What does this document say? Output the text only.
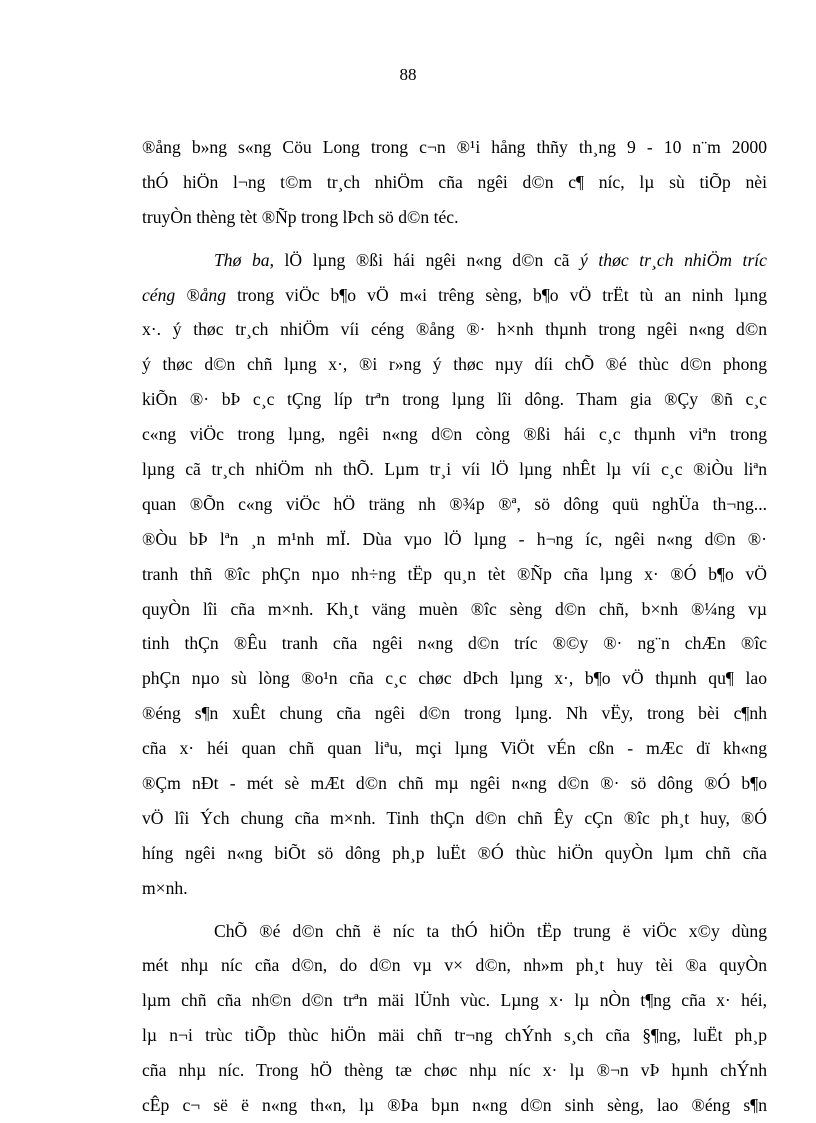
88
®ång b»ng s«ng Cöu Long trong c¬n ®¹i hång thñy th¸ng 9 - 10 n¨m 2000
thÓ hiÖn l¬ng t©m tr¸ch nhiÖm cña ngêi d©n c¶ níc, lµ sù tiÕp nèi
truyÒn thèng tèt ®Ñp trong lÞch sö d©n téc.
Thø ba, lÖ lµng ®ßi hái ngêi n«ng d©n cã ý thøc tr¸ch nhiÖm tríc
céng ®ång trong viÖc b¶o vÖ m«i trêng sèng, b¶o vÖ trËt tù an ninh lµng
x·. ý thøc tr¸ch nhiÖm víi céng ®ång ®· h×nh thµnh trong ngêi n«ng d©n
ý thøc d©n chñ lµng x·, ®i r»ng ý thøc nµy díi chÕ ®é thùc d©n phong
kiÕn ®· bÞ c¸c tÇng líp trªn trong lµng lîi dông. Tham gia ®Çy ®ñ c¸c
c«ng viÖc trong lµng, ngêi n«ng d©n còng ®ßi hái c¸c thµnh viªn trong
lµng cã tr¸ch nhiÖm nh thÕ. Lµm tr¸i víi lÖ lµng nhÊt lµ víi c¸c ®iÒu liªn
quan ®Õn c«ng viÖc hÖ träng nh ®¾p ®ª, sö dông quü nghÜa th¬ng...
®Òu bÞ lªn ¸n m¹nh mÏ. Dùa vµo lÖ lµng - h¬ng íc, ngêi n«ng d©n ®·
tranh thñ ®îc phÇn nµo nh÷ng tËp qu¸n tèt ®Ñp cña lµng x· ®Ó b¶o vÖ
quyÒn lîi cña m×nh. Kh¸t väng muèn ®îc sèng d©n chñ, b×nh ®¼ng vµ
tinh thÇn ®Êu tranh cña ngêi n«ng d©n tríc ®©y ®· ng¨n chÆn ®îc
phÇn nµo sù lòng ®o¹n cña c¸c chøc dÞch lµng x·, b¶o vÖ thµnh qu¶ lao
®éng s¶n xuÊt chung cña ngêi d©n trong lµng. Nh vËy, trong bèi c¶nh
cña x· héi quan chñ quan liªu, mçi lµng ViÖt vÉn cßn - mÆc dï kh«ng
®Çm nÐt - mét sè mÆt d©n chñ mµ ngêi n«ng d©n ®· sö dông ®Ó b¶o
vÖ lîi Ých chung cña m×nh. Tinh thÇn d©n chñ Êy cÇn ®îc ph¸t huy, ®Ó
híng ngêi n«ng biÕt sö dông ph¸p luËt ®Ó thùc hiÖn quyÒn lµm chñ cña
m×nh.
ChÕ ®é d©n chñ ë níc ta thÓ hiÖn tËp trung ë viÖc x©y dùng
mét nhµ níc cña d©n, do d©n vµ v× d©n, nh»m ph¸t huy tèi ®a quyÒn
lµm chñ cña nh©n d©n trªn mäi lÜnh vùc. Lµng x· lµ nÒn t¶ng cña x· héi,
lµ n¬i trùc tiÕp thùc hiÖn mäi chñ tr¬ng chÝnh s¸ch cña §¶ng, luËt ph¸p
cña nhµ níc. Trong hÖ thèng tæ chøc nhµ níc x· lµ ®¬n vÞ hµnh chÝnh
cÊp c¬ së ë n«ng th«n, lµ ®Þa bµn n«ng d©n sinh sèng, lao ®éng s¶n
